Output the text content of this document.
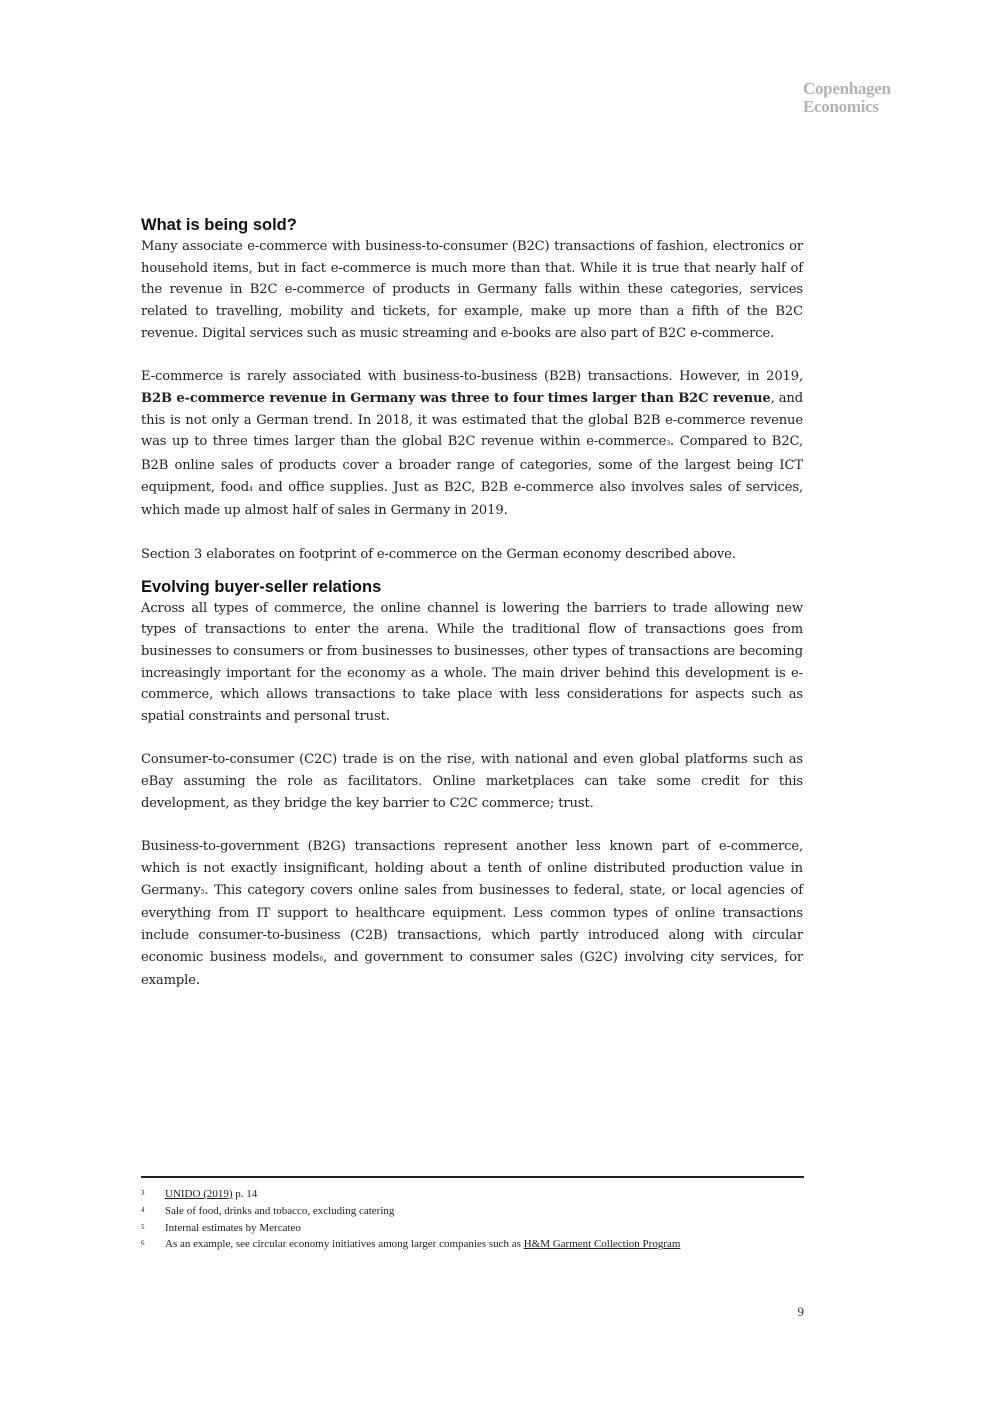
Copenhagen
Economics
What is being sold?

Many associate e-commerce with business-to-consumer (B2C) transactions of fashion, electronics or household items, but in fact e-commerce is much more than that. While it is true that nearly half of the revenue in B2C e-commerce of products in Germany falls within these categories, services related to travelling, mobility and tickets, for example, make up more than a fifth of the B2C revenue. Digital services such as music streaming and e-books are also part of B2C e-commerce.

E-commerce is rarely associated with business-to-business (B2B) transactions. However, in 2019, B2B e-commerce revenue in Germany was three to four times larger than B2C revenue, and this is not only a German trend. In 2018, it was estimated that the global B2B e-commerce revenue was up to three times larger than the global B2C revenue within e-commerce3. Compared to B2C, B2B online sales of products cover a broader range of categories, some of the largest being ICT equipment, food4 and office supplies. Just as B2C, B2B e-commerce also involves sales of services, which made up almost half of sales in Germany in 2019.

Section 3 elaborates on footprint of e-commerce on the German economy described above.

Evolving buyer-seller relations

Across all types of commerce, the online channel is lowering the barriers to trade allowing new types of transactions to enter the arena. While the traditional flow of transactions goes from businesses to consumers or from businesses to businesses, other types of transactions are becoming increasingly important for the economy as a whole. The main driver behind this development is e-commerce, which allows transactions to take place with less considerations for aspects such as spatial constraints and personal trust.

Consumer-to-consumer (C2C) trade is on the rise, with national and even global platforms such as eBay assuming the role as facilitators. Online marketplaces can take some credit for this development, as they bridge the key barrier to C2C commerce; trust.

Business-to-government (B2G) transactions represent another less known part of e-commerce, which is not exactly insignificant, holding about a tenth of online distributed production value in Germany5. This category covers online sales from businesses to federal, state, or local agencies of everything from IT support to healthcare equipment. Less common types of online transactions include consumer-to-business (C2B) transactions, which partly introduced along with circular economic business models6, and government to consumer sales (G2C) involving city services, for example.

3	UNIDO (2019) p. 14
4	Sale of food, drinks and tobacco, excluding catering
5	Internal estimates by Mercateo
6	As an example, see circular economy initiatives among larger companies such as H&M Garment Collection Program
9
